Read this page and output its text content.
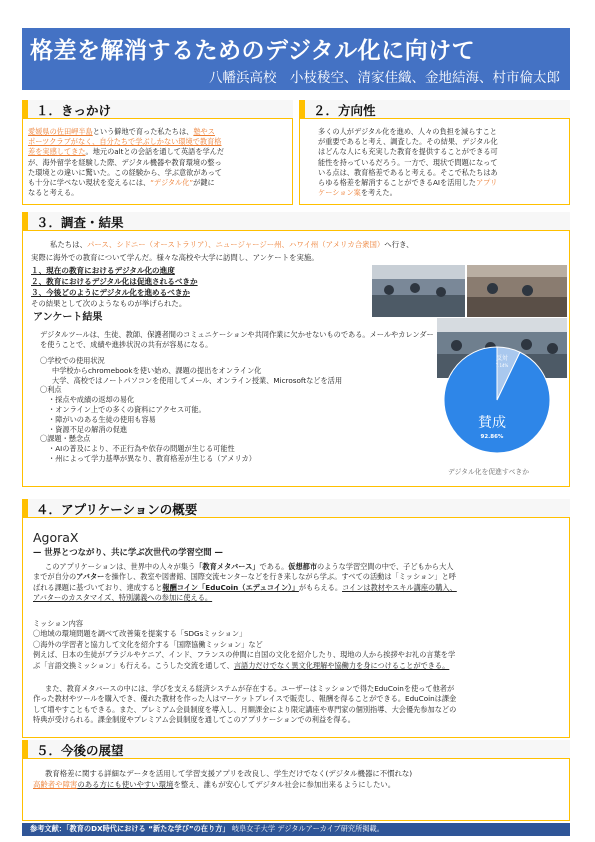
格差を解消するためのデジタル化に向けて
八幡浜高校　小枝稜空、清家佳織、金地結海、村市倫太郎
１．きっかけ
愛媛県の佐田岬半島という僻地で育った私たちは、塾やス
ポーツクラブがなく、自分たちで学ぶしかない環境で教育格
差を実感してきた。地元のaltとの会話を通して英語を学んだ
が、海外留学を経験した際、デジタル機器や教育環境の整っ
た環境との違いに驚いた。この経験から、学ぶ意欲があって
も十分に学べない現状を変えるには、“デジタル化”が鍵に
なると考える。
２．方向性
多くの人がデジタル化を進め、人々の負担を減らすこと
が重要であると考え、調査した。その結果、デジタル化
はどんな人にも充実した教育を提供することができる可
能性を持っているだろう。一方で、現状で問題になって
いる点は、教育格差であると考える。そこで私たちはあ
らゆる格差を解消することができるAIを活用したアプリ
ケーション案を考えた。
３．調査・結果
私たちは、パース、シドニー（オーストラリア）、ニュージャージー州、ハワイ州（アメリカ合衆国）へ行き、
実際に海外での教育について学んだ。様々な高校や大学に訪問し、アンケートを実施。
１、現在の教育におけるデジタル化の進度
２、教育におけるデジタル化は促進されるべきか
３、今後どのようにデジタル化を進めるべきか
その結果として次のようなものが挙げられた。
アンケート結果
デジタルツールは、生徒、教師、保護者間のコミュニケーションや共同作業に欠かせないものである。メールやカレンダー
を使うことで、成績や進捗状況の共有が容易になる。
〇学校での使用状況
中学校からchromebookを使い始め、課題の提出をオンライン化
大学、高校ではノートパソコンを使用してメール、オンライン授業、Microsoftなどを活用
〇利点
・採点や成績の返却の易化
・オンライン上での多くの資料にアクセス可能。
・障がいのある生徒の使用も容易
・資源不足の解消の促進
〇課題・懸念点
・AIの普及により、不正行為や依存の問題が生じる可能性
・州によって学力基準が異なり、教育格差が生じる（アメリカ）
賛成
92.86%
反対
7.14%
デジタル化を促進すべきか
４．アプリケーションの概要
AgoraX
— 世界とつながり、共に学ぶ次世代の学習空間 —
このアプリケーションは、世界中の人々が集う「教育メタバース」である。仮想都市のような学習空間の中で、子どもから大人
までが自分のアバターを操作し、教室や図書館、国際交流センターなどを行き来しながら学ぶ。すべての活動は「ミッション」と呼
ばれる課題に基づいており、達成すると報酬コイン「EduCoin（エデュコイン）」がもらえる。コインは教材やスキル講座の購入、
アバターのカスタマイズ、特別講義への参加に使える。
ミッション内容
〇地域の環境問題を調べて改善策を提案する「SDGsミッション」
〇海外の学習者と協力して文化を紹介する「国際協働ミッション」など
例えば、日本の生徒がブラジルやケニア、インド、フランスの仲間に自国の文化を紹介したり、現地の人から挨拶やお礼の言葉を学
ぶ「言語交換ミッション」も行える。こうした交流を通して、言語力だけでなく異文化理解や協働力を身につけることができる。
また、教育メタバースの中には、学びを支える経済システムが存在する。ユーザーはミッションで得たEduCoinを使って他者が
作った教材やツールを購入でき、優れた教材を作った人はマーケットプレイスで販売し、報酬を得ることができる。EduCoinは課金
して増やすこともできる。また、プレミアム会員制度を導入し、月額課金により限定講座や専門家の個別指導、大会優先参加などの
特典が受けられる。課金制度やプレミアム会員制度を通してこのアプリケーションでの利益を得る。
５．今後の展望
教育格差に関する詳細なデータを活用して学習支援アプリを改良し、学生だけでなく(デジタル機器に不慣れな)
高齢者や障害のある方にも使いやすい環境を整え、誰もが安心してデジタル社会に参加出来るようにしたい。
参考文献：「教育のDX時代における “新たな学び”の在り方」 岐阜女子大学 デジタルアーカイブ研究所掲載。
